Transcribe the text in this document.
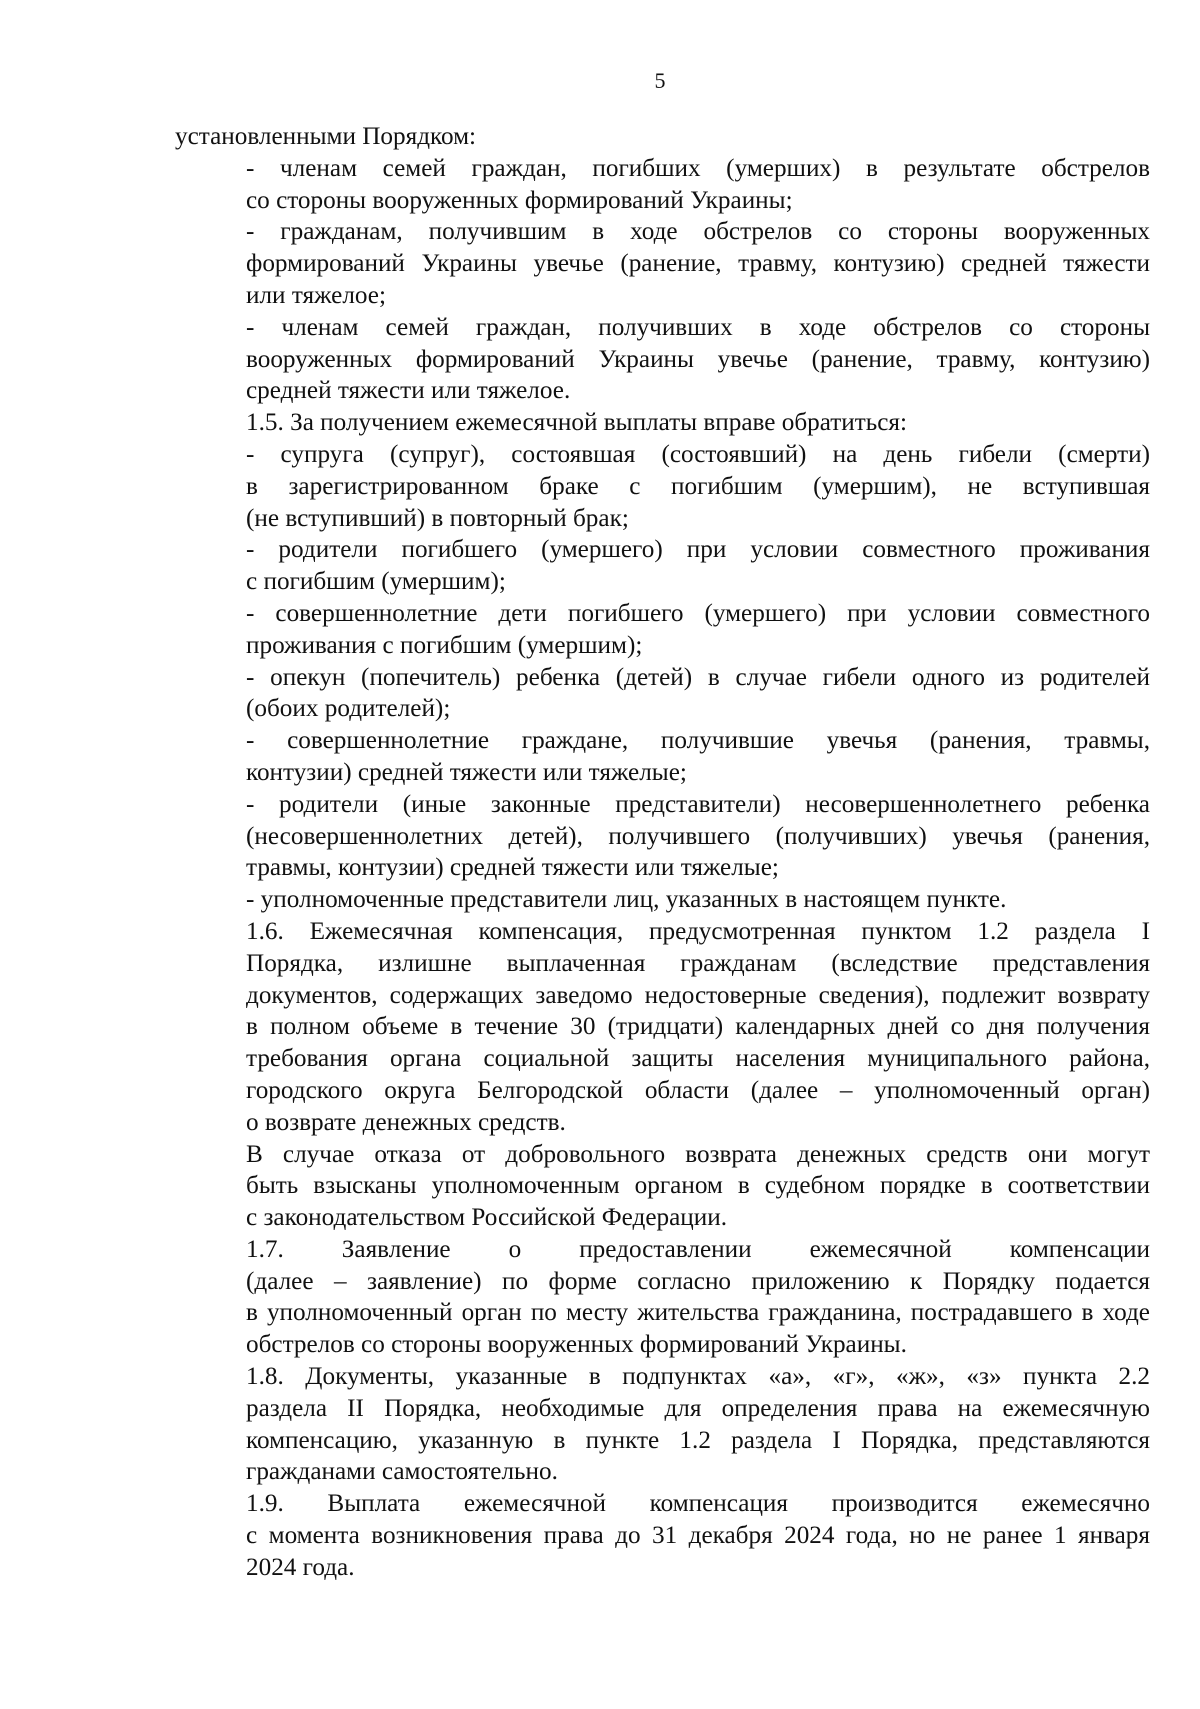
5

установленными Порядком:

- членам семей граждан, погибших (умерших) в результате обстрелов
со стороны вооруженных формирований Украины;

- гражданам, получившим в ходе обстрелов со стороны вооруженных
формирований Украины увечье (ранение, травму, контузию) средней тяжести
или тяжелое;

- членам семей граждан, получивших в ходе обстрелов со стороны
вооруженных формирований Украины увечье (ранение, травму, контузию)
средней тяжести или тяжелое.

1.5. За получением ежемесячной выплаты вправе обратиться:

- супруга (супруг), состоявшая (состоявший) на день гибели (смерти)
в зарегистрированном браке с погибшим (умершим), не вступившая
(не вступивший) в повторный брак;

- родители погибшего (умершего) при условии совместного проживания
с погибшим (умершим);

- совершеннолетние дети погибшего (умершего) при условии совместного
проживания с погибшим (умершим);

- опекун (попечитель) ребенка (детей) в случае гибели одного из родителей
(обоих родителей);

- совершеннолетние граждане, получившие увечья (ранения, травмы,
контузии) средней тяжести или тяжелые;

- родители (иные законные представители) несовершеннолетнего ребенка
(несовершеннолетних детей), получившего (получивших) увечья (ранения,
травмы, контузии) средней тяжести или тяжелые;

- уполномоченные представители лиц, указанных в настоящем пункте.

1.6. Ежемесячная компенсация, предусмотренная пунктом 1.2 раздела I
Порядка, излишне выплаченная гражданам (вследствие представления
документов, содержащих заведомо недостоверные сведения), подлежит возврату
в полном объеме в течение 30 (тридцати) календарных дней со дня получения
требования органа социальной защиты населения муниципального района,
городского округа Белгородской области (далее – уполномоченный орган)
о возврате денежных средств.

В случае отказа от добровольного возврата денежных средств они могут
быть взысканы уполномоченным органом в судебном порядке в соответствии
с законодательством Российской Федерации.

1.7. Заявление о предоставлении ежемесячной компенсации
(далее – заявление) по форме согласно приложению к Порядку подается
в уполномоченный орган по месту жительства гражданина, пострадавшего в ходе
обстрелов со стороны вооруженных формирований Украины.

1.8. Документы, указанные в подпунктах «а», «г», «ж», «з» пункта 2.2
раздела II Порядка, необходимые для определения права на ежемесячную
компенсацию, указанную в пункте 1.2 раздела I Порядка, представляются
гражданами самостоятельно.

1.9. Выплата ежемесячной компенсация производится ежемесячно
с момента возникновения права до 31 декабря 2024 года, но не ранее 1 января
2024 года.
